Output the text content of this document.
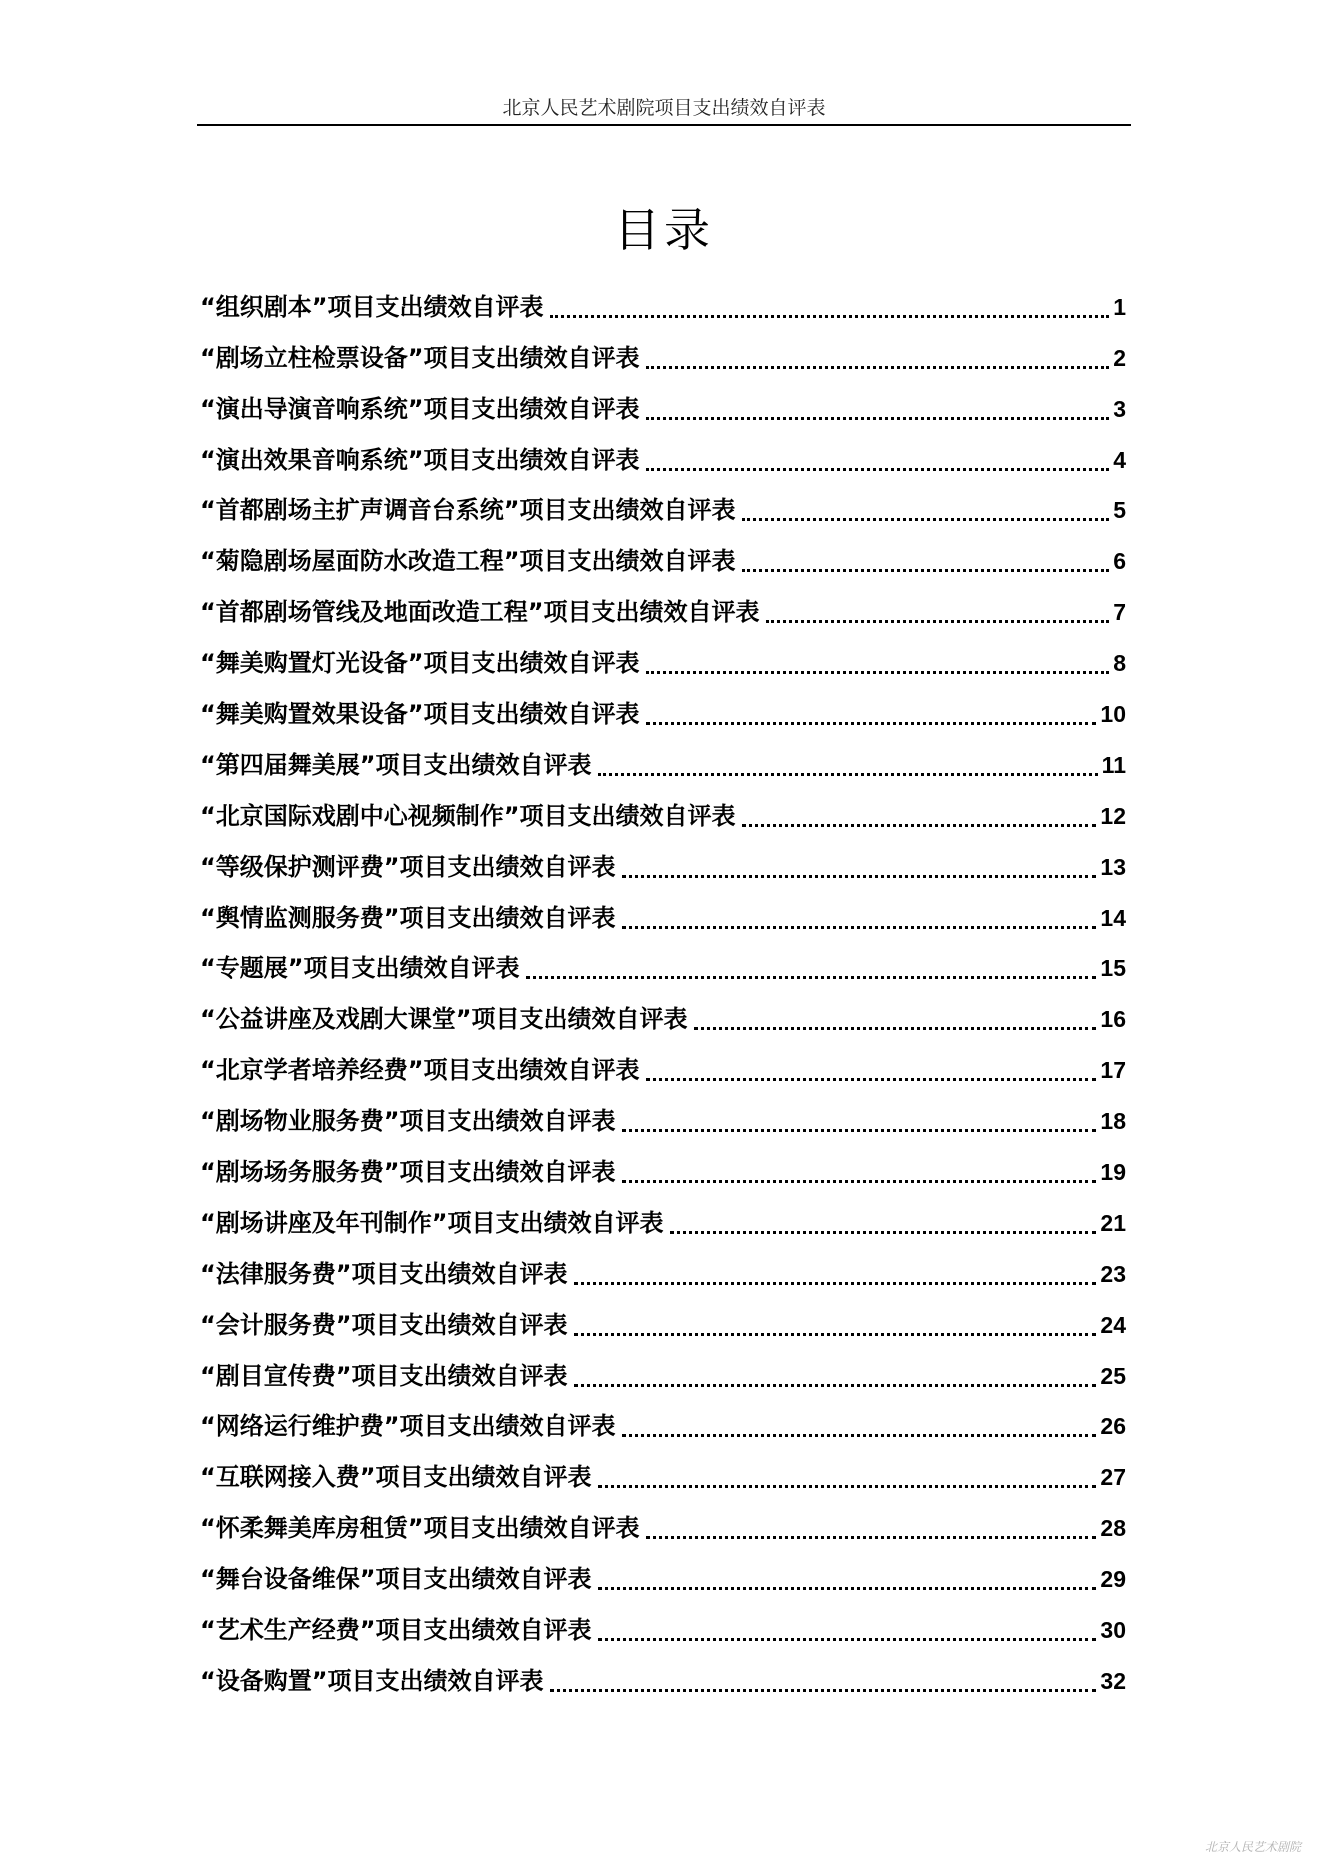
北京人民艺术剧院项目支出绩效自评表
目录
“组织剧本”项目支出绩效自评表	1
“剧场立柱检票设备”项目支出绩效自评表	2
“演出导演音响系统”项目支出绩效自评表	3
“演出效果音响系统”项目支出绩效自评表	4
“首都剧场主扩声调音台系统”项目支出绩效自评表	5
“菊隐剧场屋面防水改造工程”项目支出绩效自评表	6
“首都剧场管线及地面改造工程”项目支出绩效自评表	7
“舞美购置灯光设备”项目支出绩效自评表	8
“舞美购置效果设备”项目支出绩效自评表	10
“第四届舞美展”项目支出绩效自评表	11
“北京国际戏剧中心视频制作”项目支出绩效自评表	12
“等级保护测评费”项目支出绩效自评表	13
“舆情监测服务费”项目支出绩效自评表	14
“专题展”项目支出绩效自评表	15
“公益讲座及戏剧大课堂”项目支出绩效自评表	16
“北京学者培养经费”项目支出绩效自评表	17
“剧场物业服务费”项目支出绩效自评表	18
“剧场场务服务费”项目支出绩效自评表	19
“剧场讲座及年刊制作”项目支出绩效自评表	21
“法律服务费”项目支出绩效自评表	23
“会计服务费”项目支出绩效自评表	24
“剧目宣传费”项目支出绩效自评表	25
“网络运行维护费”项目支出绩效自评表	26
“互联网接入费”项目支出绩效自评表	27
“怀柔舞美库房租赁”项目支出绩效自评表	28
“舞台设备维保”项目支出绩效自评表	29
“艺术生产经费”项目支出绩效自评表	30
“设备购置”项目支出绩效自评表	32
北京人民艺术剧院
